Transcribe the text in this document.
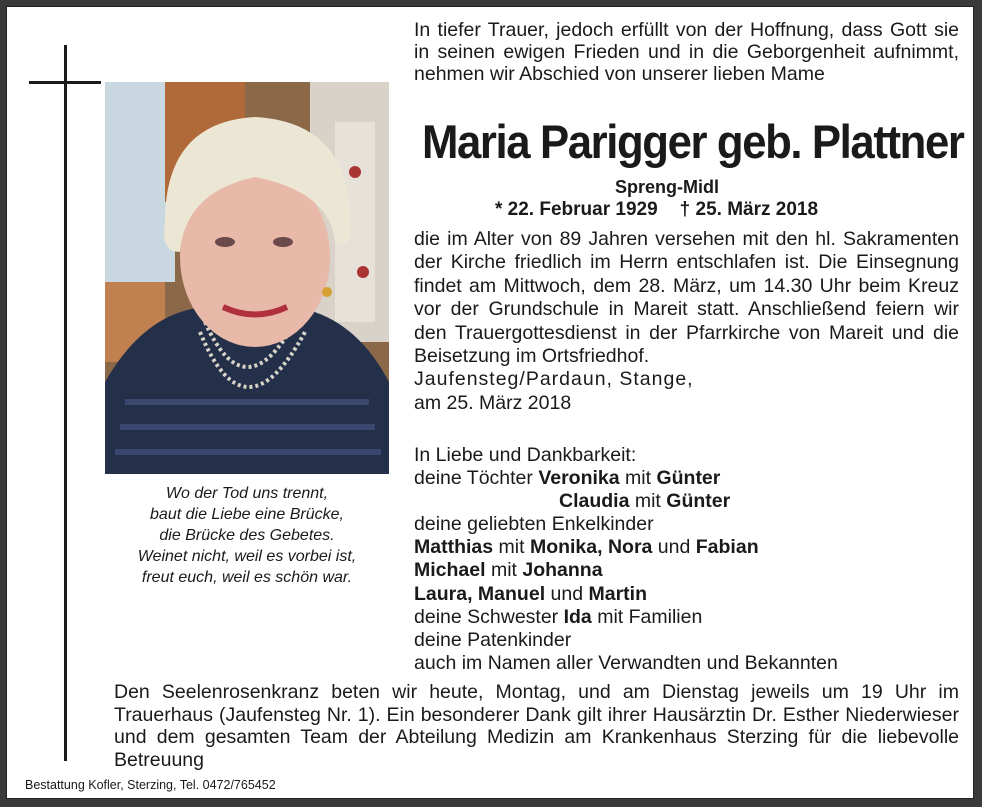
Wo der Tod uns trennt,
baut die Liebe eine Brücke,
die Brücke des Gebetes.
Weinet nicht, weil es vorbei ist,
freut euch, weil es schön war.
In tiefer Trauer, jedoch erfüllt von der Hoffnung, dass Gott sie in seinen ewigen Frieden und in die Geborgenheit aufnimmt, nehmen wir Abschied von unserer lieben Mame
Maria Parigger geb. Plattner
Spreng-Midl
* 22. Februar 1929 † 25. März 2018

die im Alter von 89 Jahren versehen mit den hl. Sakramenten der Kirche friedlich im Herrn entschlafen ist. Die Einsegnung findet am Mittwoch, dem 28. März, um 14.30 Uhr beim Kreuz vor der Grundschule in Mareit statt. Anschließend feiern wir den Trauergottesdienst in der Pfarrkirche von Mareit und die Beisetzung im Ortsfriedhof.

Jaufensteg/Pardaun, Stange,
am 25. März 2018
In Liebe und Dankbarkeit:
deine Töchter Veronika mit Günter
Claudia mit Günter
deine geliebten Enkelkinder
Matthias mit Monika, Nora und Fabian
Michael mit Johanna
Laura, Manuel und Martin
deine Schwester Ida mit Familien
deine Patenkinder
auch im Namen aller Verwandten und Bekannten
Den Seelenrosenkranz beten wir heute, Montag, und am Dienstag jeweils um 19 Uhr im Trauerhaus (Jaufensteg Nr. 1). Ein besonderer Dank gilt ihrer Hausärztin Dr. Esther Niederwieser und dem gesamten Team der Abteilung Medizin am Krankenhaus Sterzing für die liebevolle Betreuung
Bestattung Kofler, Sterzing, Tel. 0472/765452
